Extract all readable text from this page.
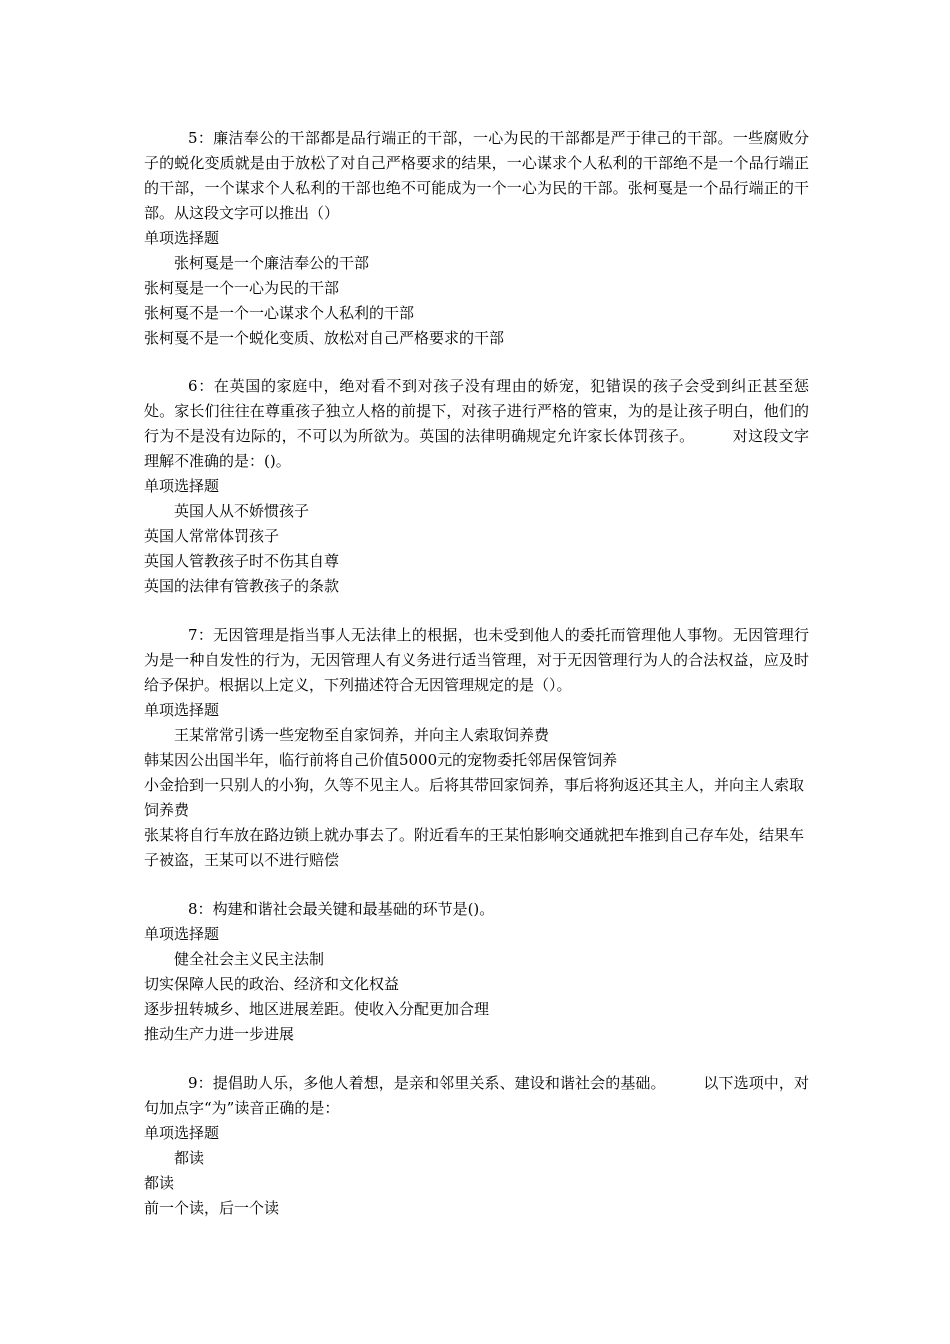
5：廉洁奉公的干部都是品行端正的干部，一心为民的干部都是严于律己的干部。一些腐败分子的蜕化变质就是由于放松了对自己严格要求的结果，一心谋求个人私利的干部绝不是一个品行端正的干部，一个谋求个人私利的干部也绝不可能成为一个一心为民的干部。张柯戛是一个品行端正的干部。从这段文字可以推出（）

单项选择题

张柯戛是一个廉洁奉公的干部

张柯戛是一个一心为民的干部

张柯戛不是一个一心谋求个人私利的干部

张柯戛不是一个蜕化变质、放松对自己严格要求的干部

6：在英国的家庭中，绝对看不到对孩子没有理由的娇宠，犯错误的孩子会受到纠正甚至惩处。家长们往往在尊重孩子独立人格的前提下，对孩子进行严格的管束，为的是让孩子明白，他们的行为不是没有边际的，不可以为所欲为。英国的法律明确规定允许家长体罚孩子。　　　对这段文字理解不准确的是：()。

单项选择题

英国人从不娇惯孩子

英国人常常体罚孩子

英国人管教孩子时不伤其自尊

英国的法律有管教孩子的条款

7：无因管理是指当事人无法律上的根据，也未受到他人的委托而管理他人事物。无因管理行为是一种自发性的行为，无因管理人有义务进行适当管理，对于无因管理行为人的合法权益，应及时给予保护。根据以上定义，下列描述符合无因管理规定的是（）。

单项选择题

王某常常引诱一些宠物至自家饲养，并向主人索取饲养费

韩某因公出国半年，临行前将自己价值5000元的宠物委托邻居保管饲养

小金拾到一只别人的小狗，久等不见主人。后将其带回家饲养，事后将狗返还其主人，并向主人索取饲养费

张某将自行车放在路边锁上就办事去了。附近看车的王某怕影响交通就把车推到自己存车处，结果车子被盗，王某可以不进行赔偿

8：构建和谐社会最关键和最基础的环节是()。

单项选择题

健全社会主义民主法制

切实保障人民的政治、经济和文化权益

逐步扭转城乡、地区进展差距。使收入分配更加合理

推动生产力进一步进展

9：提倡助人乐，多他人着想，是亲和邻里关系、建设和谐社会的基础。　　　以下选项中，对句加点字“为”读音正确的是：

单项选择题

都读

都读

前一个读，后一个读
